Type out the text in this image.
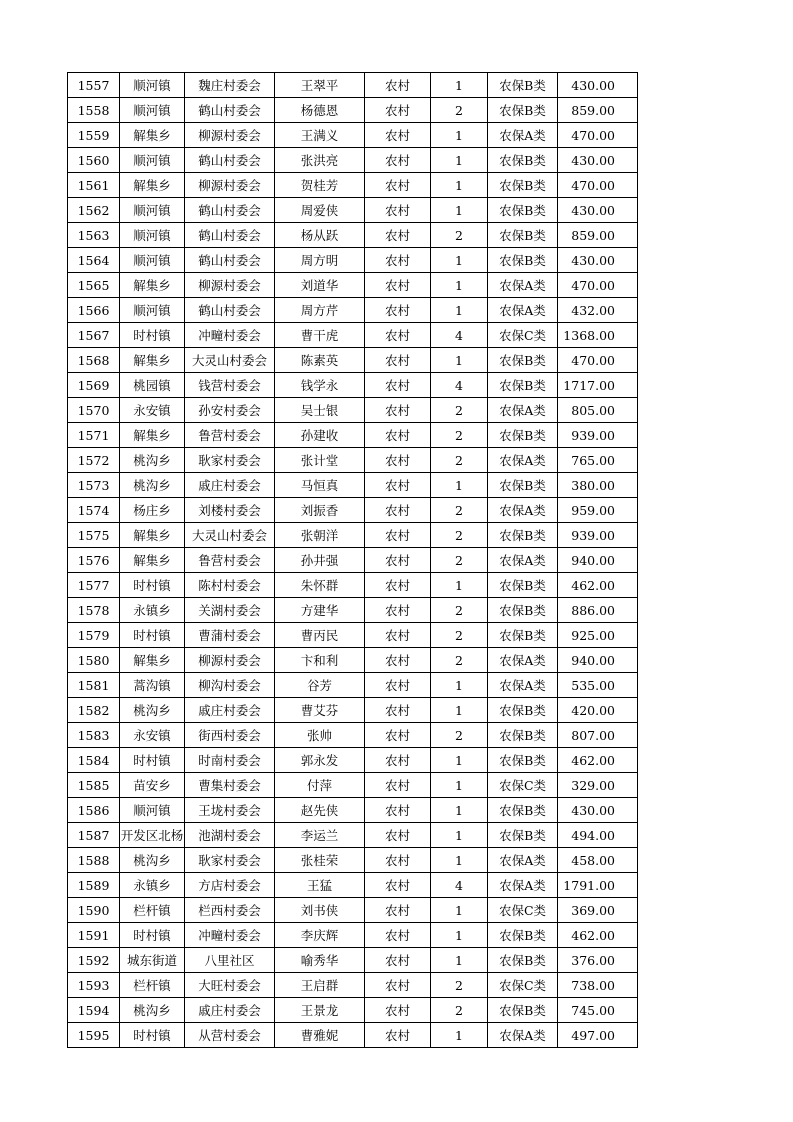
1557	顺河镇	魏庄村委会	王翠平	农村	1	农保B类	430.00
1558	顺河镇	鹤山村委会	杨德恩	农村	2	农保B类	859.00
1559	解集乡	柳源村委会	王满义	农村	1	农保A类	470.00
1560	顺河镇	鹤山村委会	张洪亮	农村	1	农保B类	430.00
1561	解集乡	柳源村委会	贺桂芳	农村	1	农保B类	470.00
1562	顺河镇	鹤山村委会	周爱侠	农村	1	农保B类	430.00
1563	顺河镇	鹤山村委会	杨从跃	农村	2	农保B类	859.00
1564	顺河镇	鹤山村委会	周方明	农村	1	农保B类	430.00
1565	解集乡	柳源村委会	刘道华	农村	1	农保A类	470.00
1566	顺河镇	鹤山村委会	周方芹	农村	1	农保A类	432.00
1567	时村镇	冲疃村委会	曹干虎	农村	4	农保C类	1368.00
1568	解集乡	大灵山村委会	陈素英	农村	1	农保B类	470.00
1569	桃园镇	钱营村委会	钱学永	农村	4	农保B类	1717.00
1570	永安镇	孙安村委会	吴士银	农村	2	农保A类	805.00
1571	解集乡	鲁营村委会	孙建收	农村	2	农保B类	939.00
1572	桃沟乡	耿家村委会	张计堂	农村	2	农保A类	765.00
1573	桃沟乡	戚庄村委会	马恒真	农村	1	农保B类	380.00
1574	杨庄乡	刘楼村委会	刘振香	农村	2	农保A类	959.00
1575	解集乡	大灵山村委会	张朝洋	农村	2	农保B类	939.00
1576	解集乡	鲁营村委会	孙井强	农村	2	农保A类	940.00
1577	时村镇	陈村村委会	朱怀群	农村	1	农保B类	462.00
1578	永镇乡	关湖村委会	方建华	农村	2	农保B类	886.00
1579	时村镇	曹蒲村委会	曹丙民	农村	2	农保B类	925.00
1580	解集乡	柳源村委会	卞和利	农村	2	农保A类	940.00
1581	蒿沟镇	柳沟村委会	谷芳	农村	1	农保A类	535.00
1582	桃沟乡	戚庄村委会	曹艾芬	农村	1	农保B类	420.00
1583	永安镇	街西村委会	张帅	农村	2	农保B类	807.00
1584	时村镇	时南村委会	郭永发	农村	1	农保B类	462.00
1585	苗安乡	曹集村委会	付萍	农村	1	农保C类	329.00
1586	顺河镇	王垅村委会	赵先侠	农村	1	农保B类	430.00
1587	开发区北杨	池湖村委会	李运兰	农村	1	农保B类	494.00
1588	桃沟乡	耿家村委会	张桂荣	农村	1	农保A类	458.00
1589	永镇乡	方店村委会	王猛	农村	4	农保A类	1791.00
1590	栏杆镇	栏西村委会	刘书侠	农村	1	农保C类	369.00
1591	时村镇	冲疃村委会	李庆辉	农村	1	农保B类	462.00
1592	城东街道	八里社区	喻秀华	农村	1	农保B类	376.00
1593	栏杆镇	大旺村委会	王启群	农村	2	农保C类	738.00
1594	桃沟乡	戚庄村委会	王景龙	农村	2	农保B类	745.00
1595	时村镇	从营村委会	曹雅妮	农村	1	农保A类	497.00
